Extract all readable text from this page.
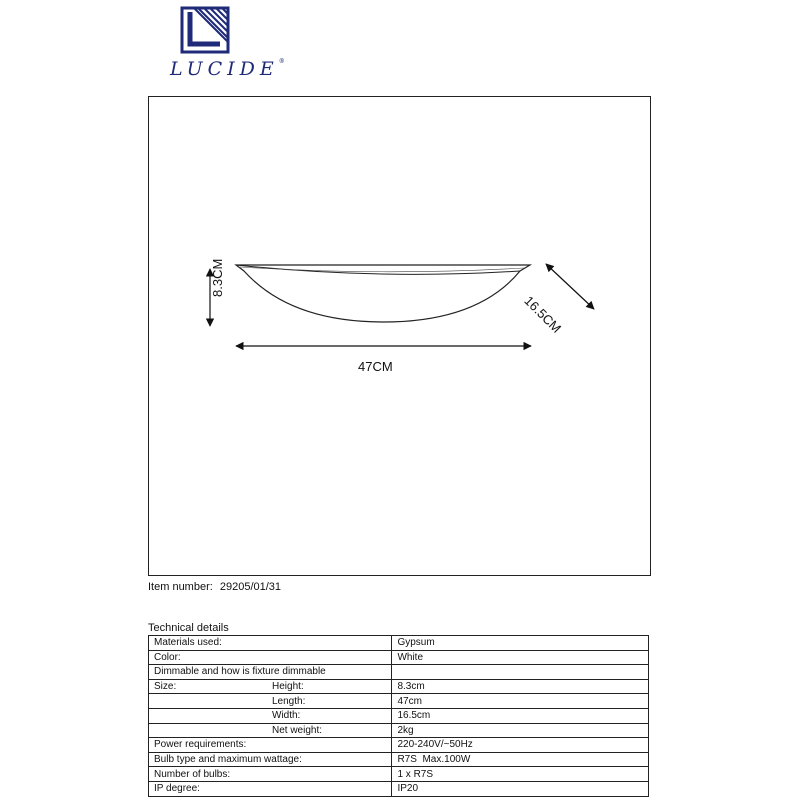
LUCIDE®
8.3CM
47CM
16.5CM
Item number: 29205/01/31
Technical details
Materials used:	Gypsum
Color:	White
Dimmable and how is fixture dimmable	
Size: Height:	8.3cm
Length:	47cm
Width:	16.5cm
Net weight:	2kg
Power requirements:	220-240V/~50Hz
Bulb type and maximum wattage:	R7S  Max.100W
Number of bulbs:	1 x R7S
IP degree:	IP20
